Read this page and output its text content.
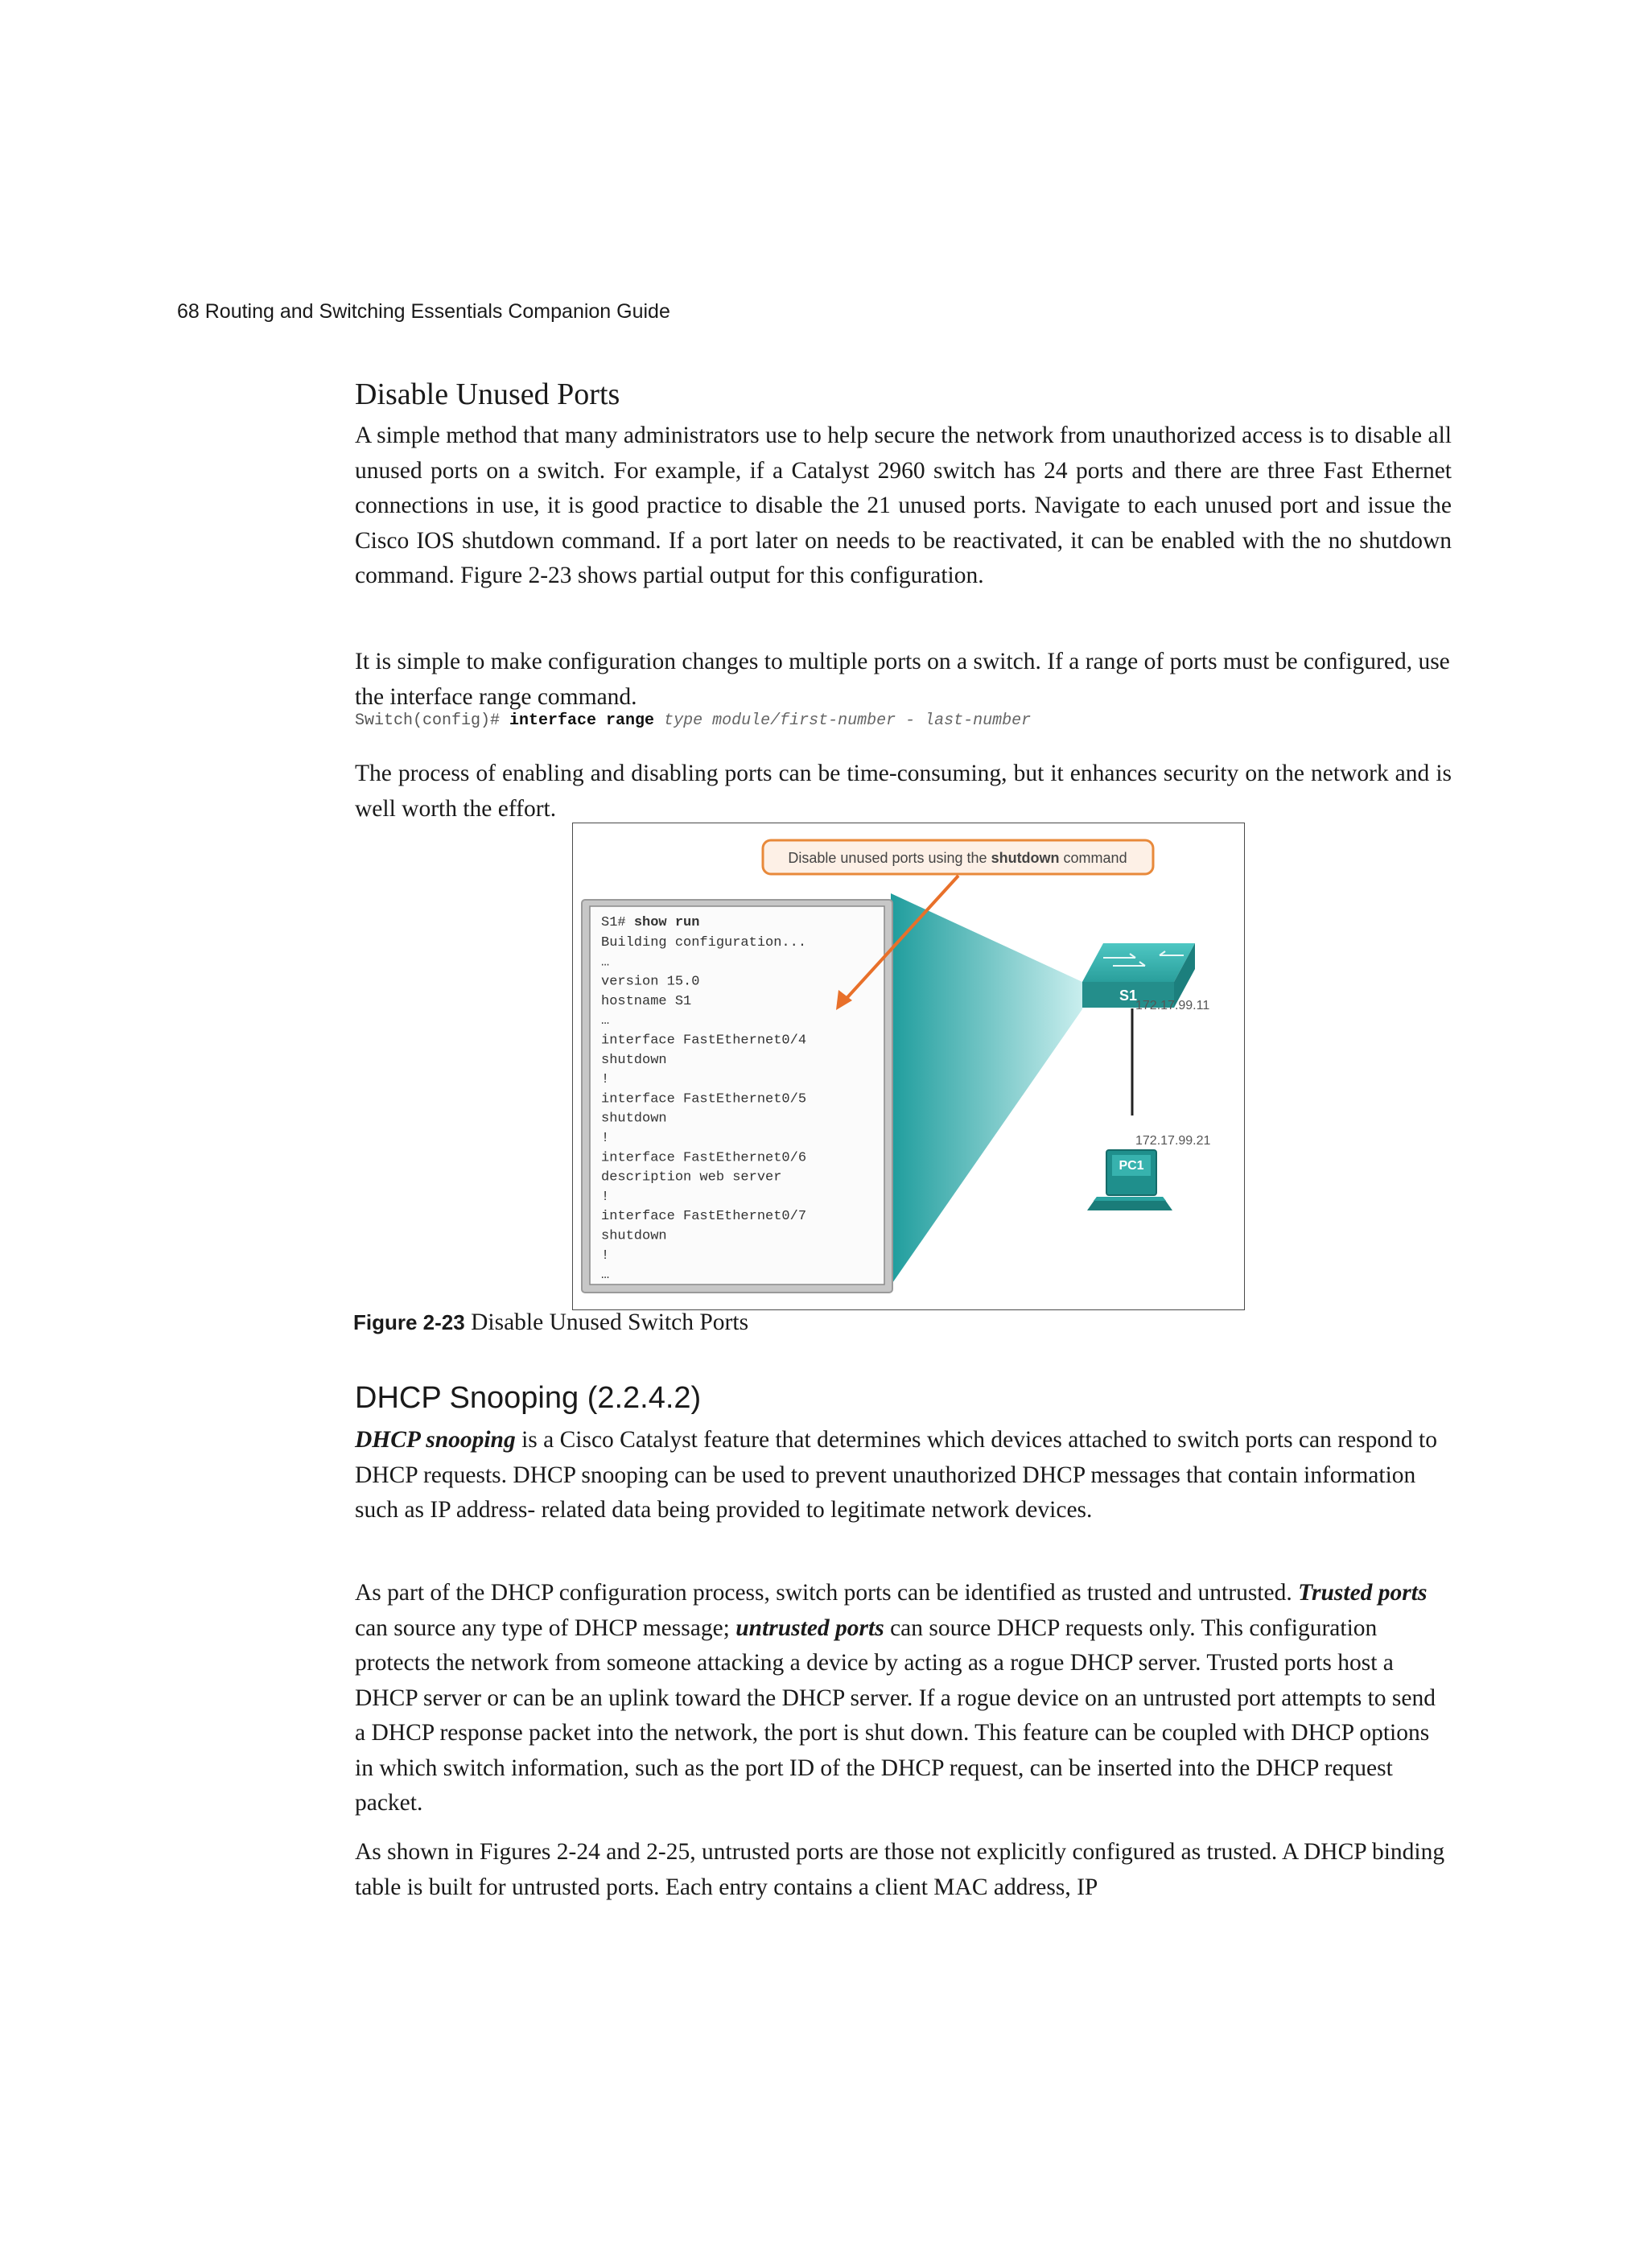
68 Routing and Switching Essentials Companion Guide
Disable Unused Ports

A simple method that many administrators use to help secure the network from unauthorized access is to disable all unused ports on a switch. For example, if a Catalyst 2960 switch has 24 ports and there are three Fast Ethernet connections in use, it is good practice to disable the 21 unused ports. Navigate to each unused port and issue the Cisco IOS shutdown command. If a port later on needs to be reactivated, it can be enabled with the no shutdown command. Figure 2-23 shows partial output for this configuration.

It is simple to make configuration changes to multiple ports on a switch. If a range of ports must be configured, use the interface range command.

Switch(config)# interface range type module/first-number - last-number

The process of enabling and disabling ports can be time-consuming, but it enhances security on the network and is well worth the effort.

S1# show run
Building configuration...
…
version 15.0
hostname S1
…
interface FastEthernet0/4
shutdown
!
interface FastEthernet0/5
shutdown
!
interface FastEthernet0/6
description web server
!
interface FastEthernet0/7
shutdown
!
…
Disable unused ports using the shutdown command
S1
172.17.99.11
PC1
172.17.99.21
Figure 2-23 Disable Unused Switch Ports
DHCP Snooping (2.2.4.2)

DHCP snooping is a Cisco Catalyst feature that determines which devices attached to switch ports can respond to DHCP requests. DHCP snooping can be used to prevent unauthorized DHCP messages that contain information such as IP address- related data being provided to legitimate network devices.

As part of the DHCP configuration process, switch ports can be identified as trusted and untrusted. Trusted ports can source any type of DHCP message; untrusted ports can source DHCP requests only. This configuration protects the network from someone attacking a device by acting as a rogue DHCP server. Trusted ports host a DHCP server or can be an uplink toward the DHCP server. If a rogue device on an untrusted port attempts to send a DHCP response packet into the network, the port is shut down. This feature can be coupled with DHCP options in which switch information, such as the port ID of the DHCP request, can be inserted into the DHCP request packet.

As shown in Figures 2-24 and 2-25, untrusted ports are those not explicitly configured as trusted. A DHCP binding table is built for untrusted ports. Each entry contains a client MAC address, IP
